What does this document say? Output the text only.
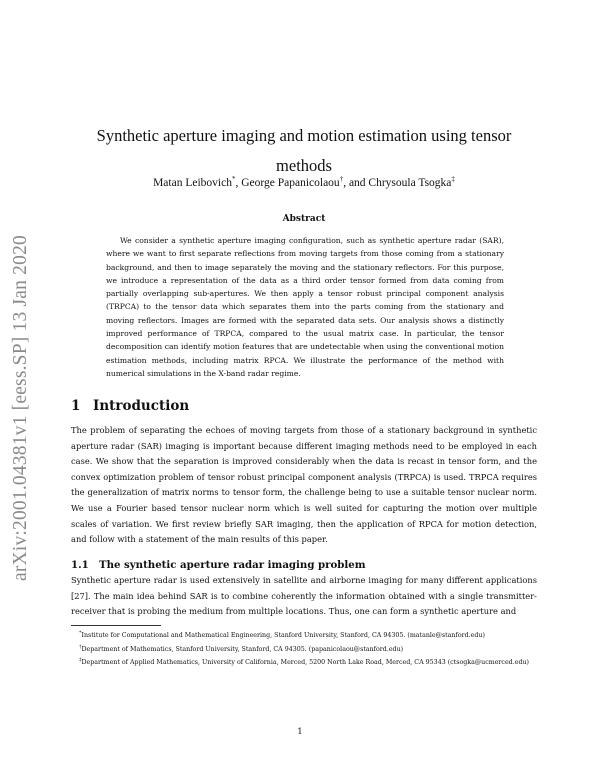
arXiv:2001.04381v1 [eess.SP] 13 Jan 2020
Synthetic aperture imaging and motion estimation using tensor methods
Matan Leibovich*, George Papanicolaou†, and Chrysoula Tsogka‡
Abstract

We consider a synthetic aperture imaging configuration, such as synthetic aperture radar (SAR), where we want to first separate reflections from moving targets from those coming from a stationary background, and then to image separately the moving and the stationary reflectors. For this purpose, we introduce a representation of the data as a third order tensor formed from data coming from partially overlapping sub-apertures. We then apply a tensor robust principal component analysis (TRPCA) to the tensor data which separates them into the parts coming from the stationary and moving reflectors. Images are formed with the separated data sets. Our analysis shows a distinctly improved performance of TRPCA, compared to the usual matrix case. In particular, the tensor decomposition can identify motion features that are undetectable when using the conventional motion estimation methods, including matrix RPCA. We illustrate the performance of the method with numerical simulations in the X-band radar regime.

1 Introduction

The problem of separating the echoes of moving targets from those of a stationary background in synthetic aperture radar (SAR) imaging is important because different imaging methods need to be employed in each case. We show that the separation is improved considerably when the data is recast in tensor form, and the convex optimization problem of tensor robust principal component analysis (TRPCA) is used. TRPCA requires the generalization of matrix norms to tensor form, the challenge being to use a suitable tensor nuclear norm. We use a Fourier based tensor nuclear norm which is well suited for capturing the motion over multiple scales of variation. We first review briefly SAR imaging, then the application of RPCA for motion detection, and follow with a statement of the main results of this paper.

1.1 The synthetic aperture radar imaging problem

Synthetic aperture radar is used extensively in satellite and airborne imaging for many different applications [27]. The main idea behind SAR is to combine coherently the information obtained with a single transmitter-receiver that is probing the medium from multiple locations. Thus, one can form a synthetic aperture and

*Institute for Computational and Mathematical Engineering, Stanford University, Stanford, CA 94305. (matanle@stanford.edu)

†Department of Mathematics, Stanford University, Stanford, CA 94305. (papanicolaou@stanford.edu)

‡Department of Applied Mathematics, University of California, Merced, 5200 North Lake Road, Merced, CA 95343 (ctsogka@ucmerced.edu)

1
